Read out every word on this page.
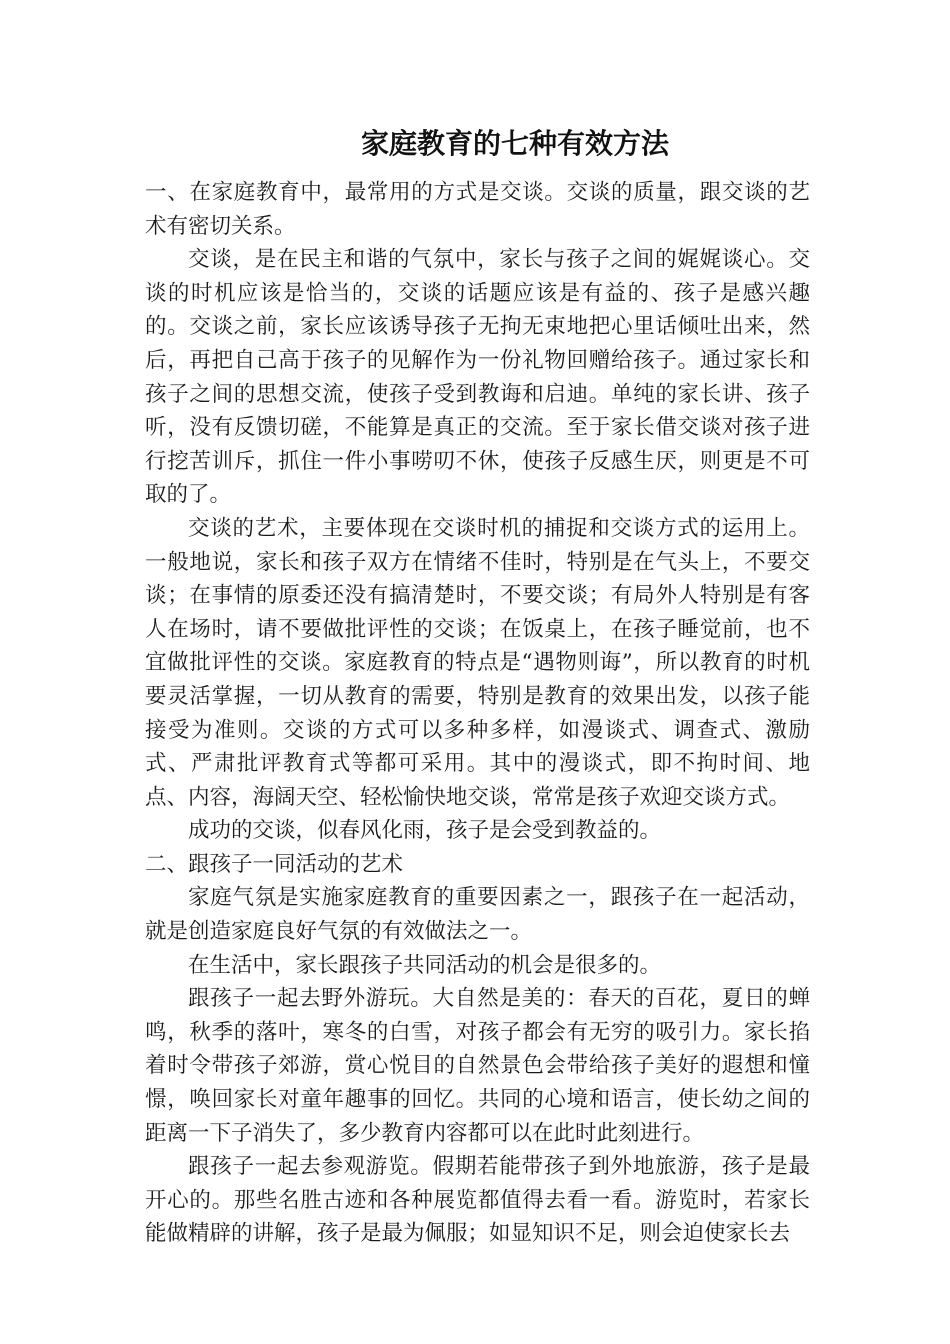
家庭教育的七种有效方法

一、在家庭教育中，最常用的方式是交谈。交谈的质量，跟交谈的艺术有密切关系。

交谈，是在民主和谐的气氛中，家长与孩子之间的娓娓谈心。交谈的时机应该是恰当的，交谈的话题应该是有益的、孩子是感兴趣的。交谈之前，家长应该诱导孩子无拘无束地把心里话倾吐出来，然后，再把自己高于孩子的见解作为一份礼物回赠给孩子。通过家长和孩子之间的思想交流，使孩子受到教诲和启迪。单纯的家长讲、孩子听，没有反馈切磋，不能算是真正的交流。至于家长借交谈对孩子进行挖苦训斥，抓住一件小事唠叨不休，使孩子反感生厌，则更是不可取的了。

交谈的艺术，主要体现在交谈时机的捕捉和交谈方式的运用上。一般地说，家长和孩子双方在情绪不佳时，特别是在气头上，不要交谈；在事情的原委还没有搞清楚时，不要交谈；有局外人特别是有客人在场时，请不要做批评性的交谈；在饭桌上，在孩子睡觉前，也不宜做批评性的交谈。家庭教育的特点是“遇物则诲”，所以教育的时机要灵活掌握，一切从教育的需要，特别是教育的效果出发，以孩子能接受为准则。交谈的方式可以多种多样，如漫谈式、调查式、激励式、严肃批评教育式等都可采用。其中的漫谈式，即不拘时间、地点、内容，海阔天空、轻松愉快地交谈，常常是孩子欢迎交谈方式。

成功的交谈，似春风化雨，孩子是会受到教益的。

二、跟孩子一同活动的艺术

家庭气氛是实施家庭教育的重要因素之一，跟孩子在一起活动，就是创造家庭良好气氛的有效做法之一。

在生活中，家长跟孩子共同活动的机会是很多的。

跟孩子一起去野外游玩。大自然是美的：春天的百花，夏日的蝉鸣，秋季的落叶，寒冬的白雪，对孩子都会有无穷的吸引力。家长掐着时令带孩子郊游，赏心悦目的自然景色会带给孩子美好的遐想和憧憬，唤回家长对童年趣事的回忆。共同的心境和语言，使长幼之间的距离一下子消失了，多少教育内容都可以在此时此刻进行。

跟孩子一起去参观游览。假期若能带孩子到外地旅游，孩子是最开心的。那些名胜古迹和各种展览都值得去看一看。游览时，若家长能做精辟的讲解，孩子是最为佩服；如显知识不足，则会迫使家长去
